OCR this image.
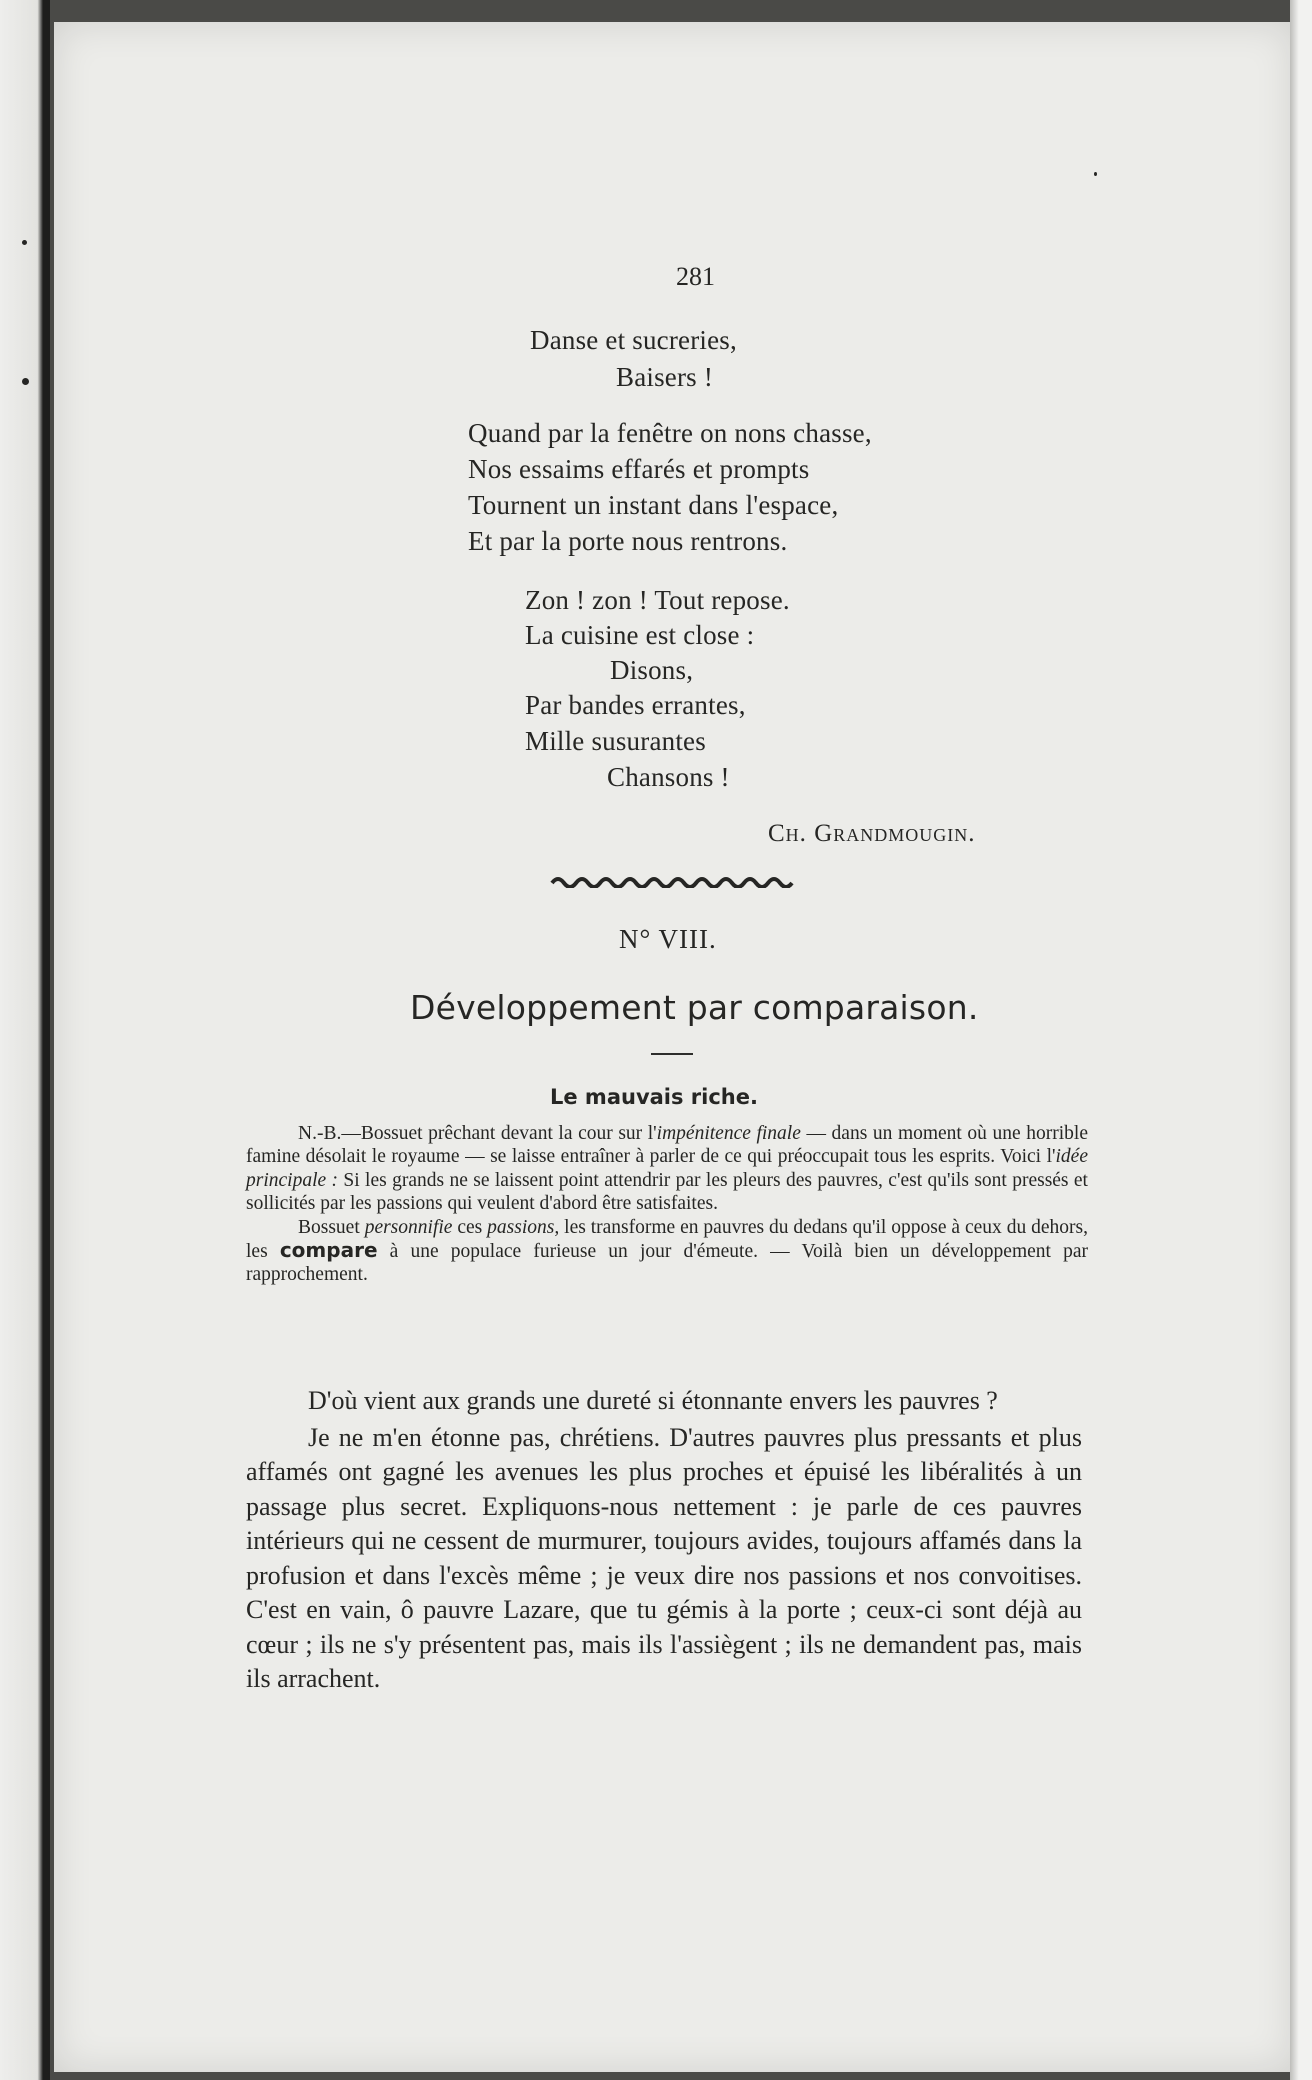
281
Danse et sucreries,
Baisers !
Quand par la fenêtre on nons chasse,
Nos essaims effarés et prompts
Tournent un instant dans l'espace,
Et par la porte nous rentrons.
Zon ! zon ! Tout repose.
La cuisine est close :
Disons,
Par bandes errantes,
Mille susurantes
Chansons !
Ch. Grandmougin.
N° VIII.
Développement par comparaison.
Le mauvais riche.

N.-B.—Bossuet prêchant devant la cour sur l'impénitence finale — dans un moment où une horrible famine désolait le royaume — se laisse entraîner à parler de ce qui préoccupait tous les esprits. Voici l'idée principale : Si les grands ne se laissent point attendrir par les pleurs des pauvres, c'est qu'ils sont pressés et sollicités par les passions qui veulent d'abord être satisfaites.

Bossuet personnifie ces passions, les transforme en pauvres du dedans qu'il oppose à ceux du dehors, les compare à une populace furieuse un jour d'émeute. — Voilà bien un développement par rapprochement.

D'où vient aux grands une dureté si étonnante envers les pauvres ?

Je ne m'en étonne pas, chrétiens. D'autres pauvres plus pressants et plus affamés ont gagné les avenues les plus proches et épuisé les libéralités à un passage plus secret. Expliquons-nous nettement : je parle de ces pauvres intérieurs qui ne cessent de murmurer, toujours avides, toujours affamés dans la profusion et dans l'excès même ; je veux dire nos passions et nos convoitises. C'est en vain, ô pauvre Lazare, que tu gémis à la porte ; ceux-ci sont déjà au cœur ; ils ne s'y présentent pas, mais ils l'assiègent ; ils ne demandent pas, mais ils arrachent.
